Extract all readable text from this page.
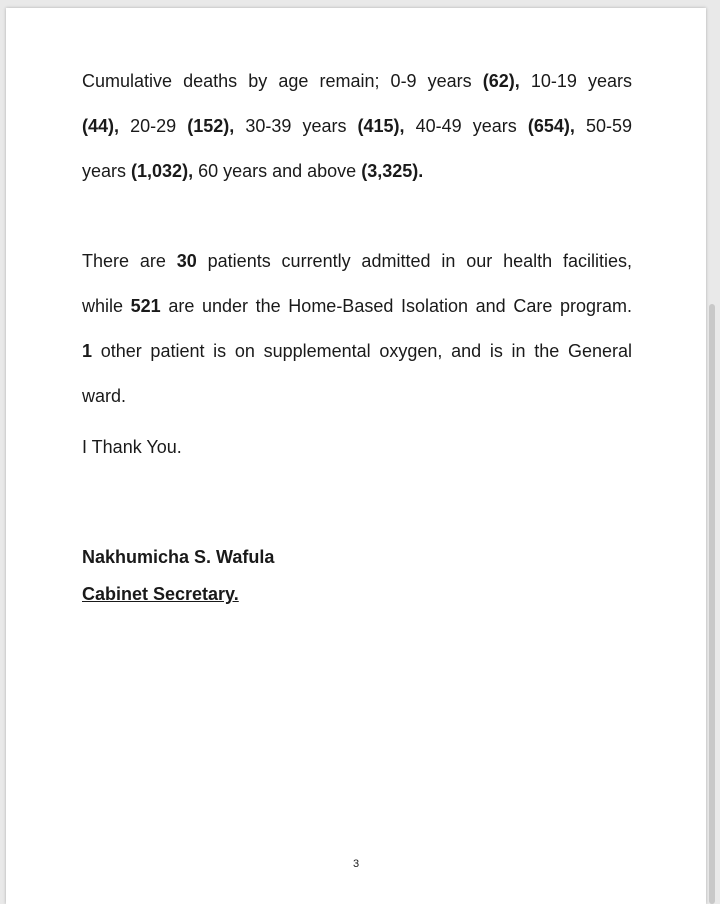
Cumulative deaths by age remain; 0-9 years (62), 10-19 years
(44), 20-29 (152), 30-39 years (415), 40-49 years (654), 50-59
years (1,032), 60 years and above (3,325).
There are 30 patients currently admitted in our health facilities,
while 521 are under the Home-Based Isolation and Care program.
1 other patient is on supplemental oxygen, and is in the General
ward.
I Thank You.
Nakhumicha S. Wafula
Cabinet Secretary.
3
